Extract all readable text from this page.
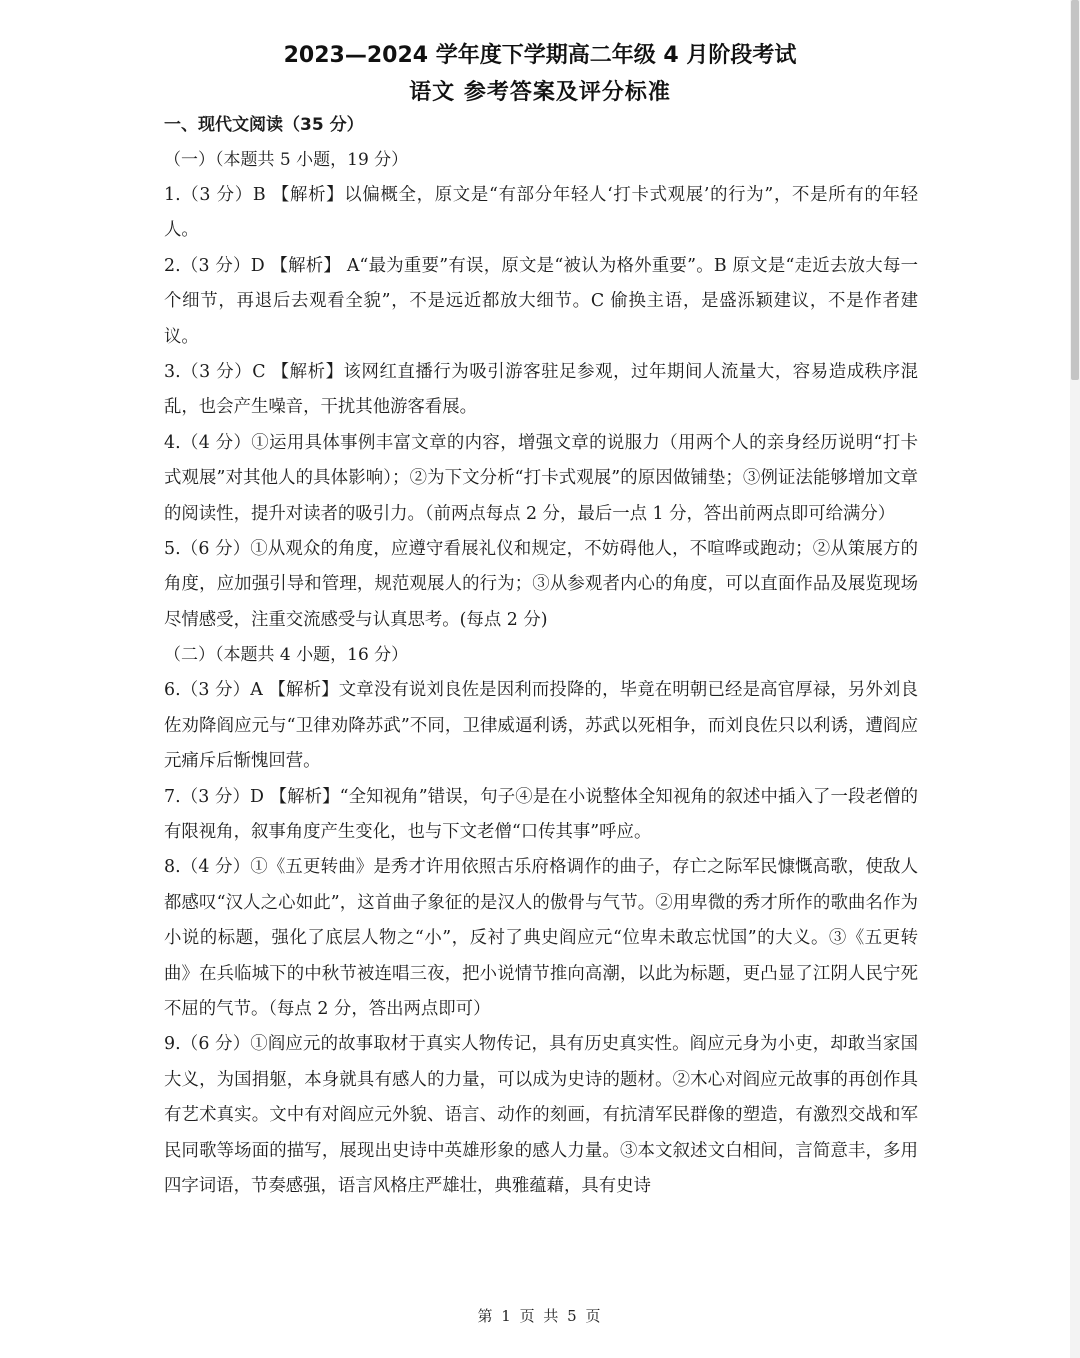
2023—2024 学年度下学期高二年级 4 月阶段考试
语文 参考答案及评分标准
一、现代文阅读（35 分）
（一）（本题共 5 小题，19 分）
1.（3 分）B 【解析】以偏概全，原文是“有部分年轻人‘打卡式观展’的行为”，不是所有的年轻人。
2.（3 分）D 【解析】 A“最为重要”有误，原文是“被认为格外重要”。B 原文是“走近去放大每一个细节，再退后去观看全貌”，不是远近都放大细节。C 偷换主语，是盛泺颖建议，不是作者建议。
3.（3 分）C 【解析】该网红直播行为吸引游客驻足参观，过年期间人流量大，容易造成秩序混乱，也会产生噪音，干扰其他游客看展。
4.（4 分）①运用具体事例丰富文章的内容，增强文章的说服力（用两个人的亲身经历说明“打卡式观展”对其他人的具体影响）；②为下文分析“打卡式观展”的原因做铺垫；③例证法能够增加文章的阅读性，提升对读者的吸引力。（前两点每点 2 分，最后一点 1 分，答出前两点即可给满分）
5.（6 分）①从观众的角度，应遵守看展礼仪和规定，不妨碍他人，不喧哗或跑动；②从策展方的角度，应加强引导和管理，规范观展人的行为；③从参观者内心的角度，可以直面作品及展览现场尽情感受，注重交流感受与认真思考。(每点 2 分)
（二）（本题共 4 小题，16 分）
6.（3 分）A 【解析】文章没有说刘良佐是因利而投降的，毕竟在明朝已经是高官厚禄，另外刘良佐劝降阎应元与“卫律劝降苏武”不同，卫律威逼利诱，苏武以死相争，而刘良佐只以利诱，遭阎应元痛斥后惭愧回营。
7.（3 分）D 【解析】“全知视角”错误，句子④是在小说整体全知视角的叙述中插入了一段老僧的有限视角，叙事角度产生变化，也与下文老僧“口传其事”呼应。
8.（4 分）①《五更转曲》是秀才许用依照古乐府格调作的曲子，存亡之际军民慷慨高歌，使敌人都感叹“汉人之心如此”，这首曲子象征的是汉人的傲骨与气节。②用卑微的秀才所作的歌曲名作为小说的标题，强化了底层人物之“小”，反衬了典史阎应元“位卑未敢忘忧国”的大义。③《五更转曲》在兵临城下的中秋节被连唱三夜，把小说情节推向高潮，以此为标题，更凸显了江阴人民宁死不屈的气节。（每点 2 分，答出两点即可）
9.（6 分）①阎应元的故事取材于真实人物传记，具有历史真实性。阎应元身为小吏，却敢当家国大义，为国捐躯，本身就具有感人的力量，可以成为史诗的题材。②木心对阎应元故事的再创作具有艺术真实。文中有对阎应元外貌、语言、动作的刻画，有抗清军民群像的塑造，有激烈交战和军民同歌等场面的描写，展现出史诗中英雄形象的感人力量。③本文叙述文白相间，言简意丰，多用四字词语，节奏感强，语言风格庄严雄壮，典雅蕴藉，具有史诗
第 1 页 共 5 页
